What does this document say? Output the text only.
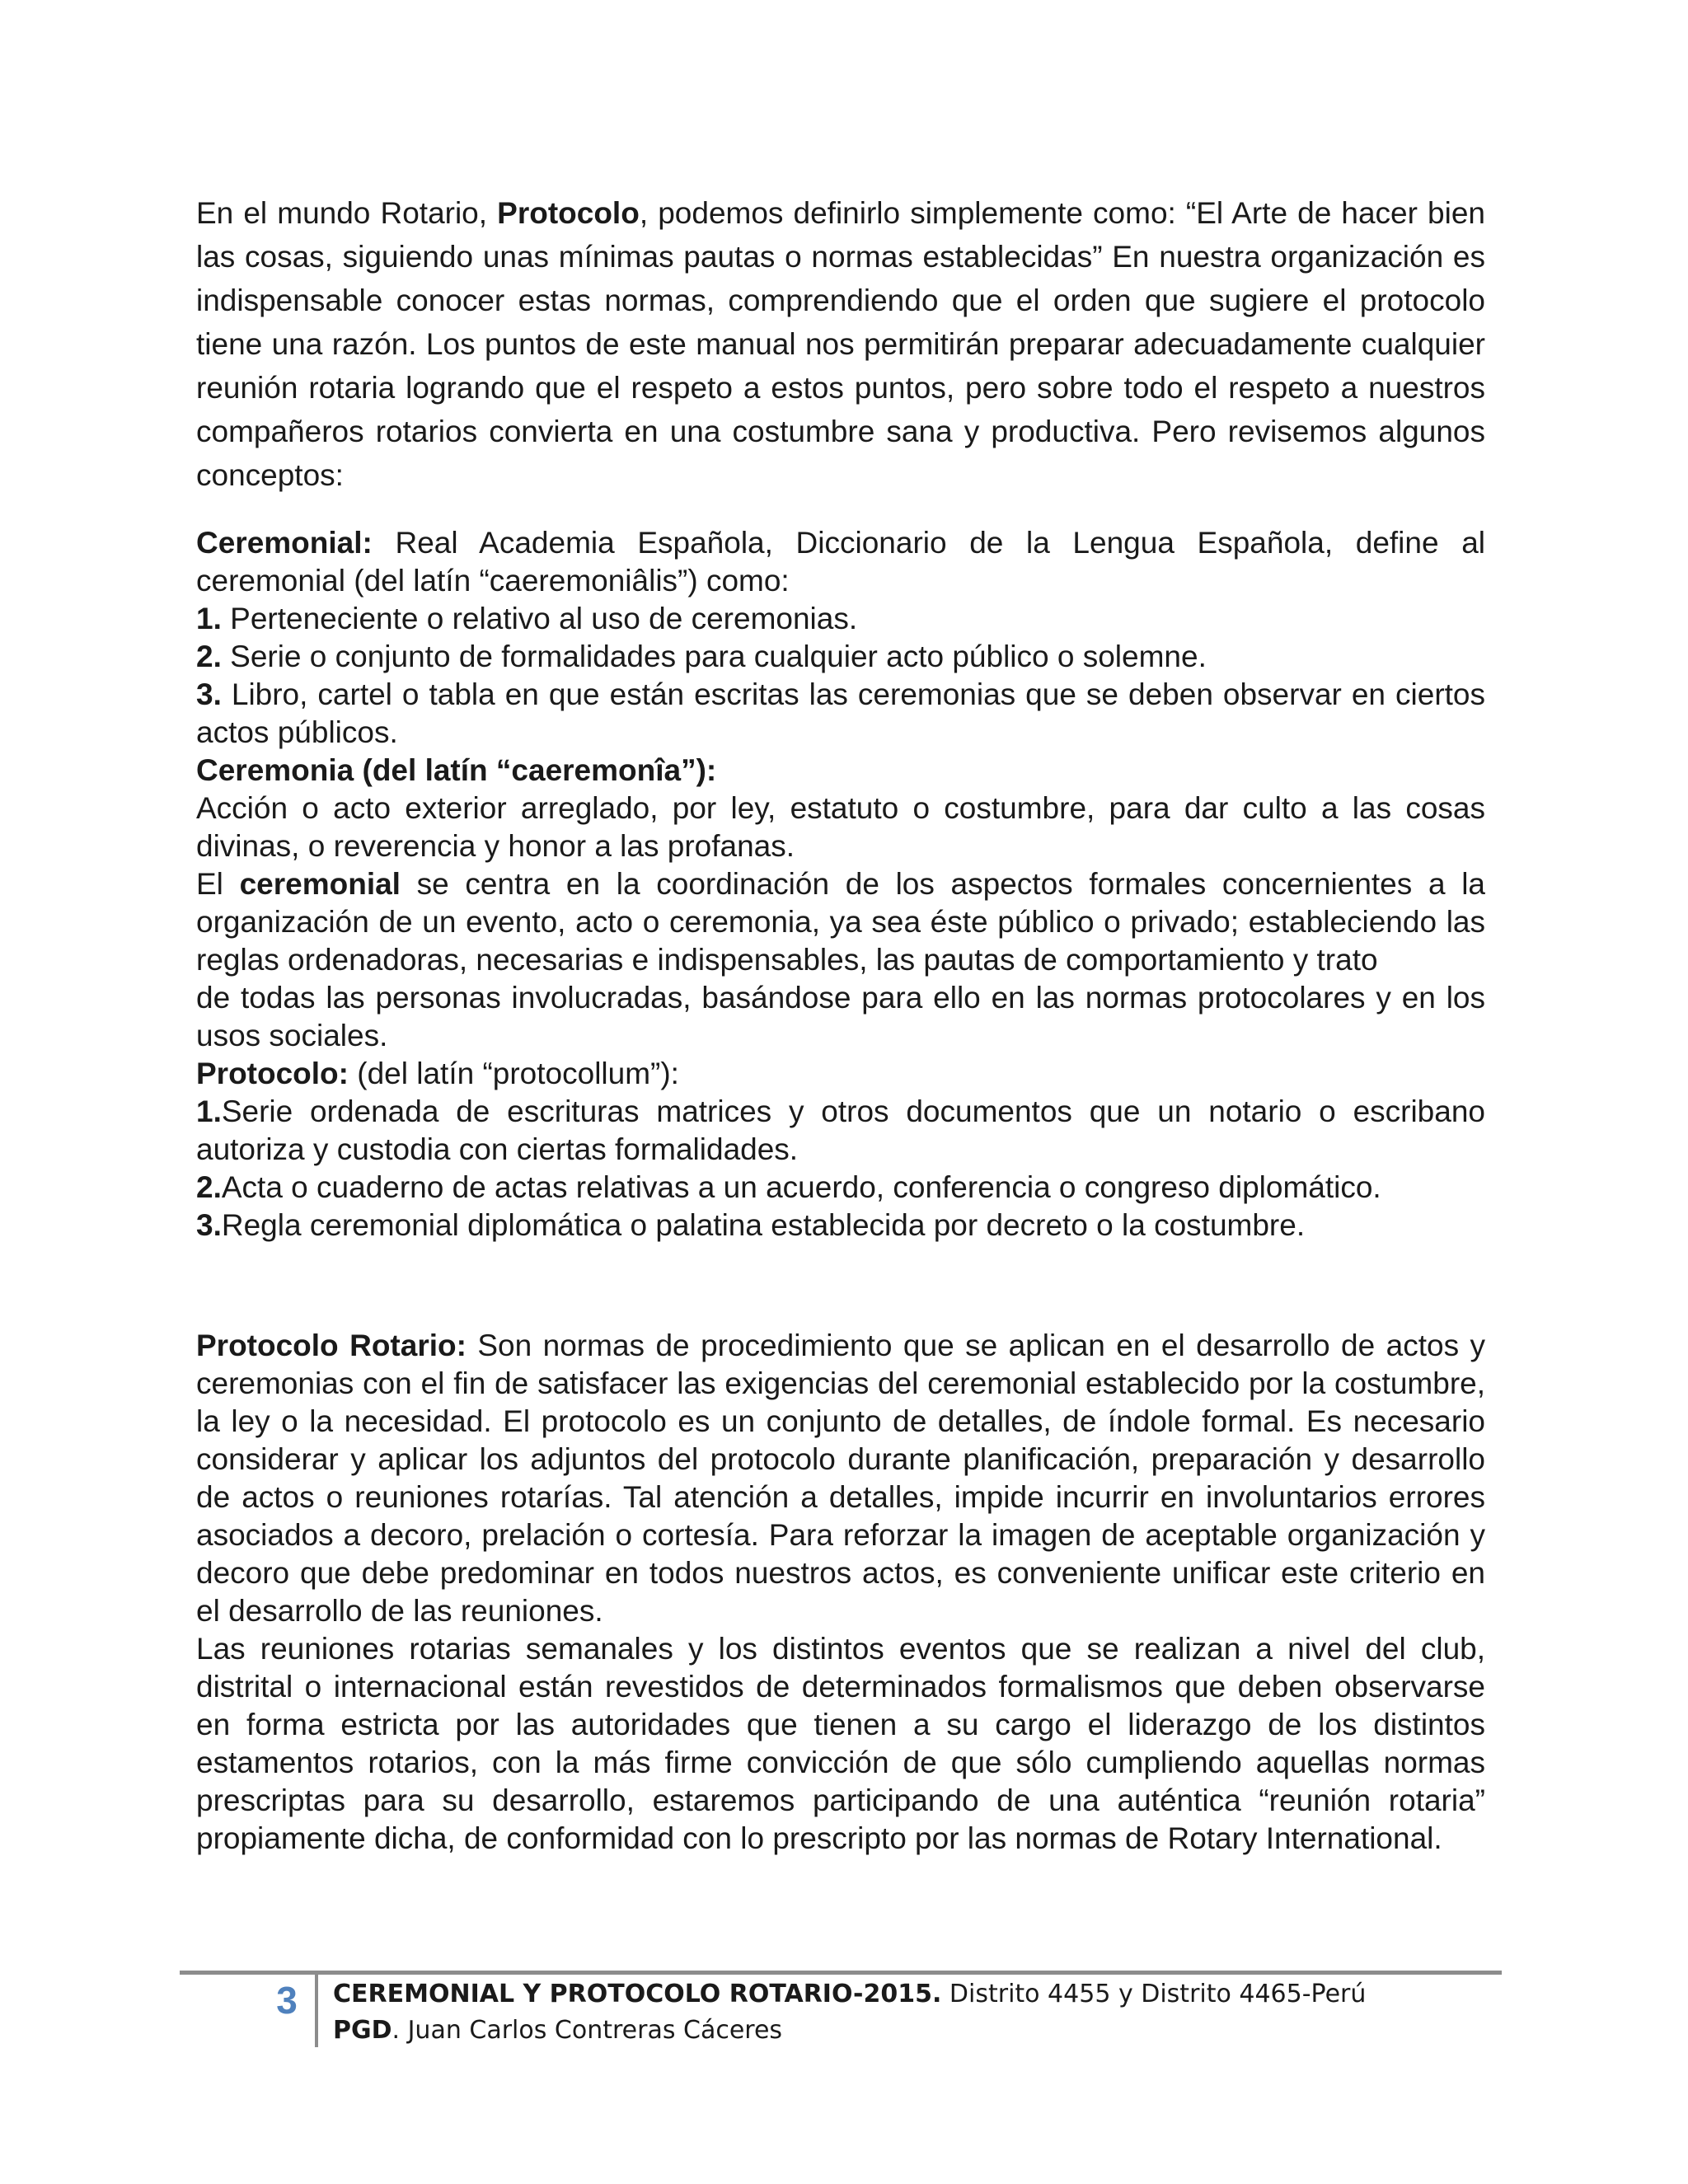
En el mundo Rotario, Protocolo, podemos definirlo simplemente como: “El Arte de hacer bien las cosas, siguiendo unas mínimas pautas o normas establecidas” En nuestra organización es indispensable conocer estas normas, comprendiendo que el orden que sugiere el protocolo tiene una razón. Los puntos de este manual nos permitirán preparar adecuadamente cualquier reunión rotaria logrando que el respeto a estos puntos, pero sobre todo el respeto a nuestros compañeros rotarios convierta en una costumbre sana y productiva. Pero revisemos algunos conceptos:

Ceremonial: Real Academia Española, Diccionario de la Lengua Española, define al ceremonial (del latín “caeremoniâlis”) como:
1. Perteneciente o relativo al uso de ceremonias.
2. Serie o conjunto de formalidades para cualquier acto público o solemne.
3. Libro, cartel o tabla en que están escritas las ceremonias que se deben observar en ciertos actos públicos.
Ceremonia (del latín “caeremonîa”):
Acción o acto exterior arreglado, por ley, estatuto o costumbre, para dar culto a las cosas divinas, o reverencia y honor a las profanas.
El ceremonial se centra en la coordinación de los aspectos formales concernientes a la organización de un evento, acto o ceremonia, ya sea éste público o privado; estableciendo las reglas ordenadoras, necesarias e indispensables, las pautas de comportamiento y trato
de todas las personas involucradas, basándose para ello en las normas protocolares y en los usos sociales.
Protocolo: (del latín “protocollum”):
1.Serie ordenada de escrituras matrices y otros documentos que un notario o escribano autoriza y custodia con ciertas formalidades.
2.Acta o cuaderno de actas relativas a un acuerdo, conferencia o congreso diplomático.
3.Regla ceremonial diplomática o palatina establecida por decreto o la costumbre.
Protocolo Rotario: Son normas de procedimiento que se aplican en el desarrollo de actos y ceremonias con el fin de satisfacer las exigencias del ceremonial establecido por la costumbre, la ley o la necesidad. El protocolo es un conjunto de detalles, de índole formal. Es necesario considerar y aplicar los adjuntos del protocolo durante planificación, preparación y desarrollo de actos o reuniones rotarías. Tal atención a detalles, impide incurrir en involuntarios errores asociados a decoro, prelación o cortesía. Para reforzar la imagen de aceptable organización y decoro que debe predominar en todos nuestros actos, es conveniente unificar este criterio en el desarrollo de las reuniones.
Las reuniones rotarias semanales y los distintos eventos que se realizan a nivel del club, distrital o internacional están revestidos de determinados formalismos que deben observarse en forma estricta por las autoridades que tienen a su cargo el liderazgo de los distintos estamentos rotarios, con la más firme convicción de que sólo cumpliendo aquellas normas prescriptas para su desarrollo, estaremos participando de una auténtica “reunión rotaria” propiamente dicha, de conformidad con lo prescripto por las normas de Rotary International.
3	CEREMONIAL Y PROTOCOLO ROTARIO-2015. Distrito 4455 y Distrito 4465-Perú
PGD. Juan Carlos Contreras Cáceres
